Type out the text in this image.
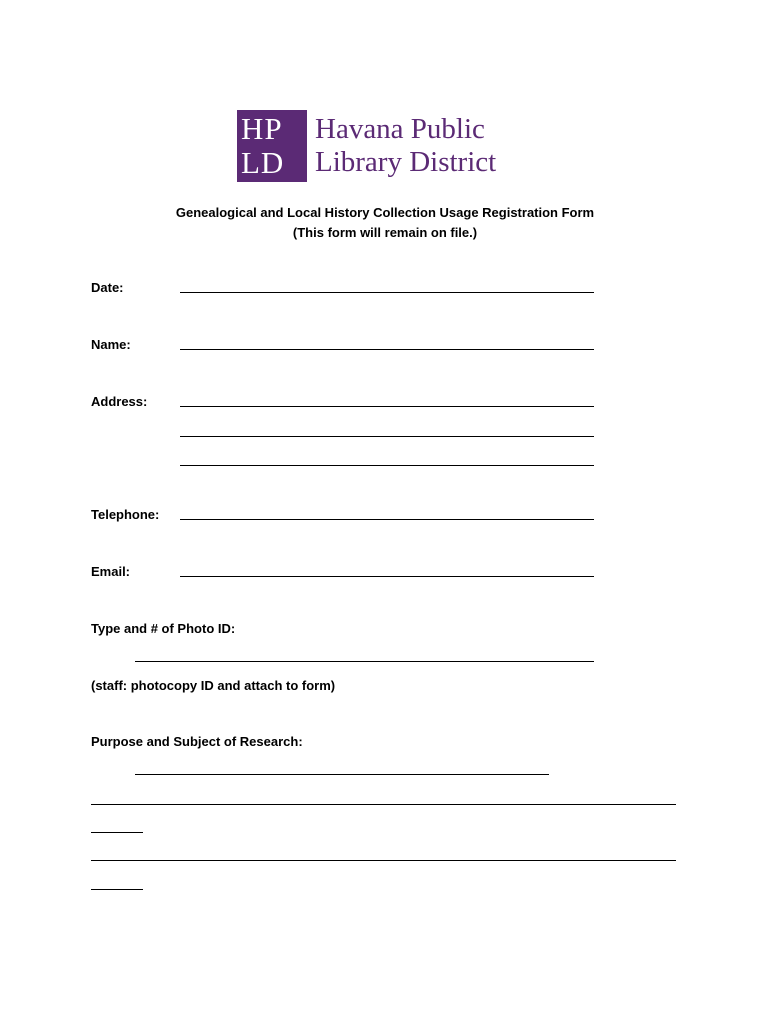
HP
LD
Havana Public
Library District
Genealogical and Local History Collection Usage Registration Form
(This form will remain on file.)
Date:
Name:
Address:
Telephone:
Email:
Type and # of Photo ID:
(staff: photocopy ID and attach to form)
Purpose and Subject of Research:
